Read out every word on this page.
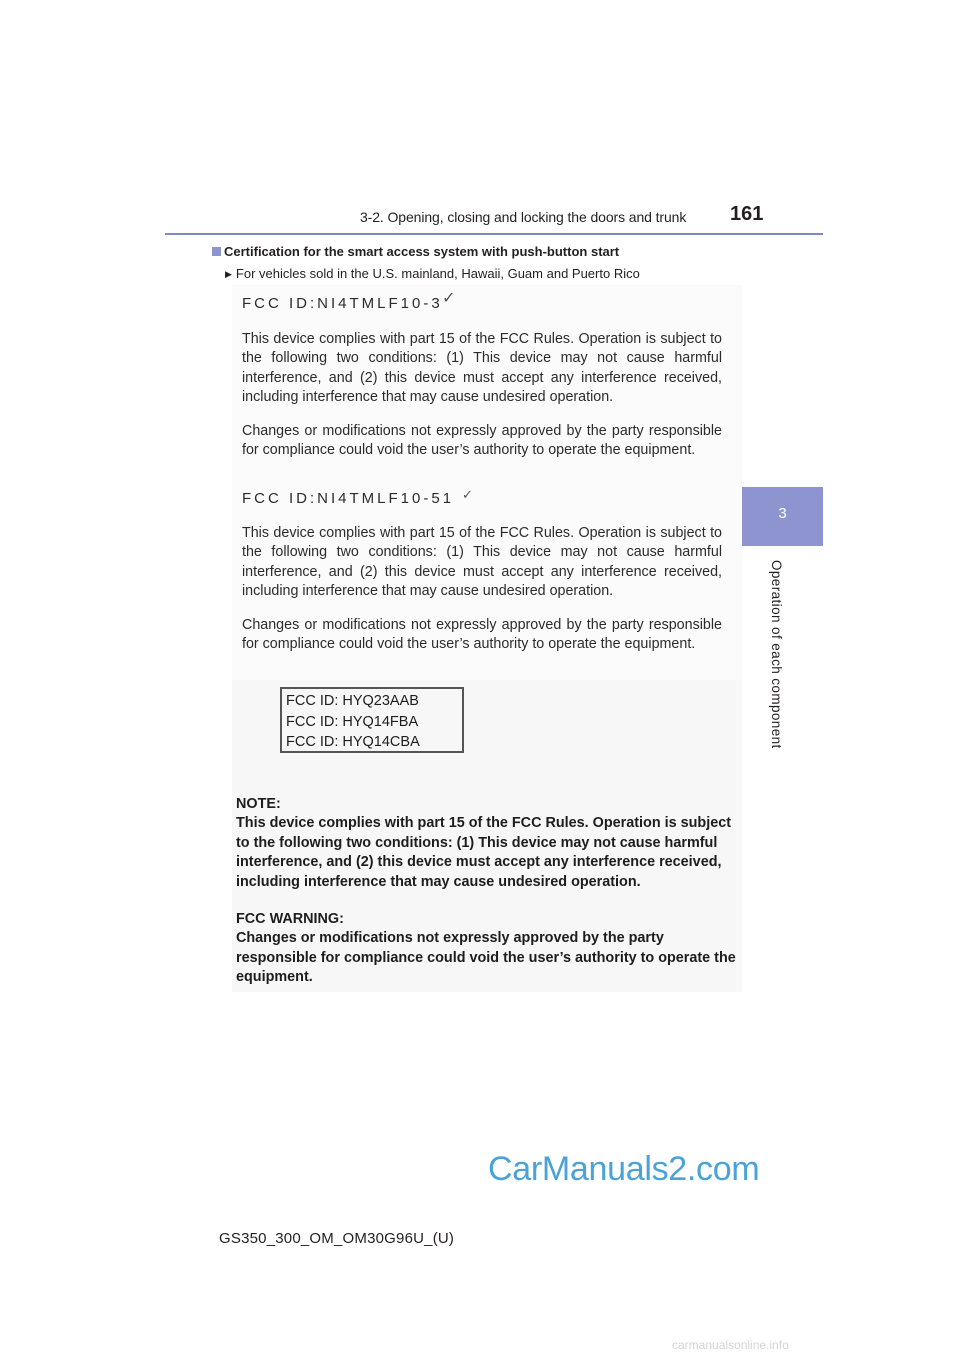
3-2. Opening, closing and locking the doors and trunk 161
3
Operation of each component
Certification for the smart access system with push-button start
▶ For vehicles sold in the U.S. mainland, Hawaii, Guam and Puerto Rico
FCC ID:NI4TMLF10-3 ✓

This device complies with part 15 of the FCC Rules. Operation is subject to the following two conditions: (1) This device may not cause harmful interference, and (2) this device must accept any interference received, including interference that may cause undesired operation.

Changes or modifications not expressly approved by the party responsible for compliance could void the user’s authority to operate the equipment.

FCC ID:NI4TMLF10-51 ✓

This device complies with part 15 of the FCC Rules. Operation is subject to the following two conditions: (1) This device may not cause harmful interference, and (2) this device must accept any interference received, including interference that may cause undesired operation.

Changes or modifications not expressly approved by the party responsible for compliance could void the user’s authority to operate the equipment.

FCC ID: HYQ23AAB
FCC ID: HYQ14FBA
FCC ID: HYQ14CBA

NOTE:

This device complies with part 15 of the FCC Rules. Operation is subject to the following two conditions: (1) This device may not cause harmful interference, and (2) this device must accept any interference received, including interference that may cause undesired operation.

FCC WARNING:

Changes or modifications not expressly approved by the party responsible for compliance could void the user’s authority to operate the equipment.

CarManuals2.com
GS350_300_OM_OM30G96U_(U)
carmanualsonline.info
